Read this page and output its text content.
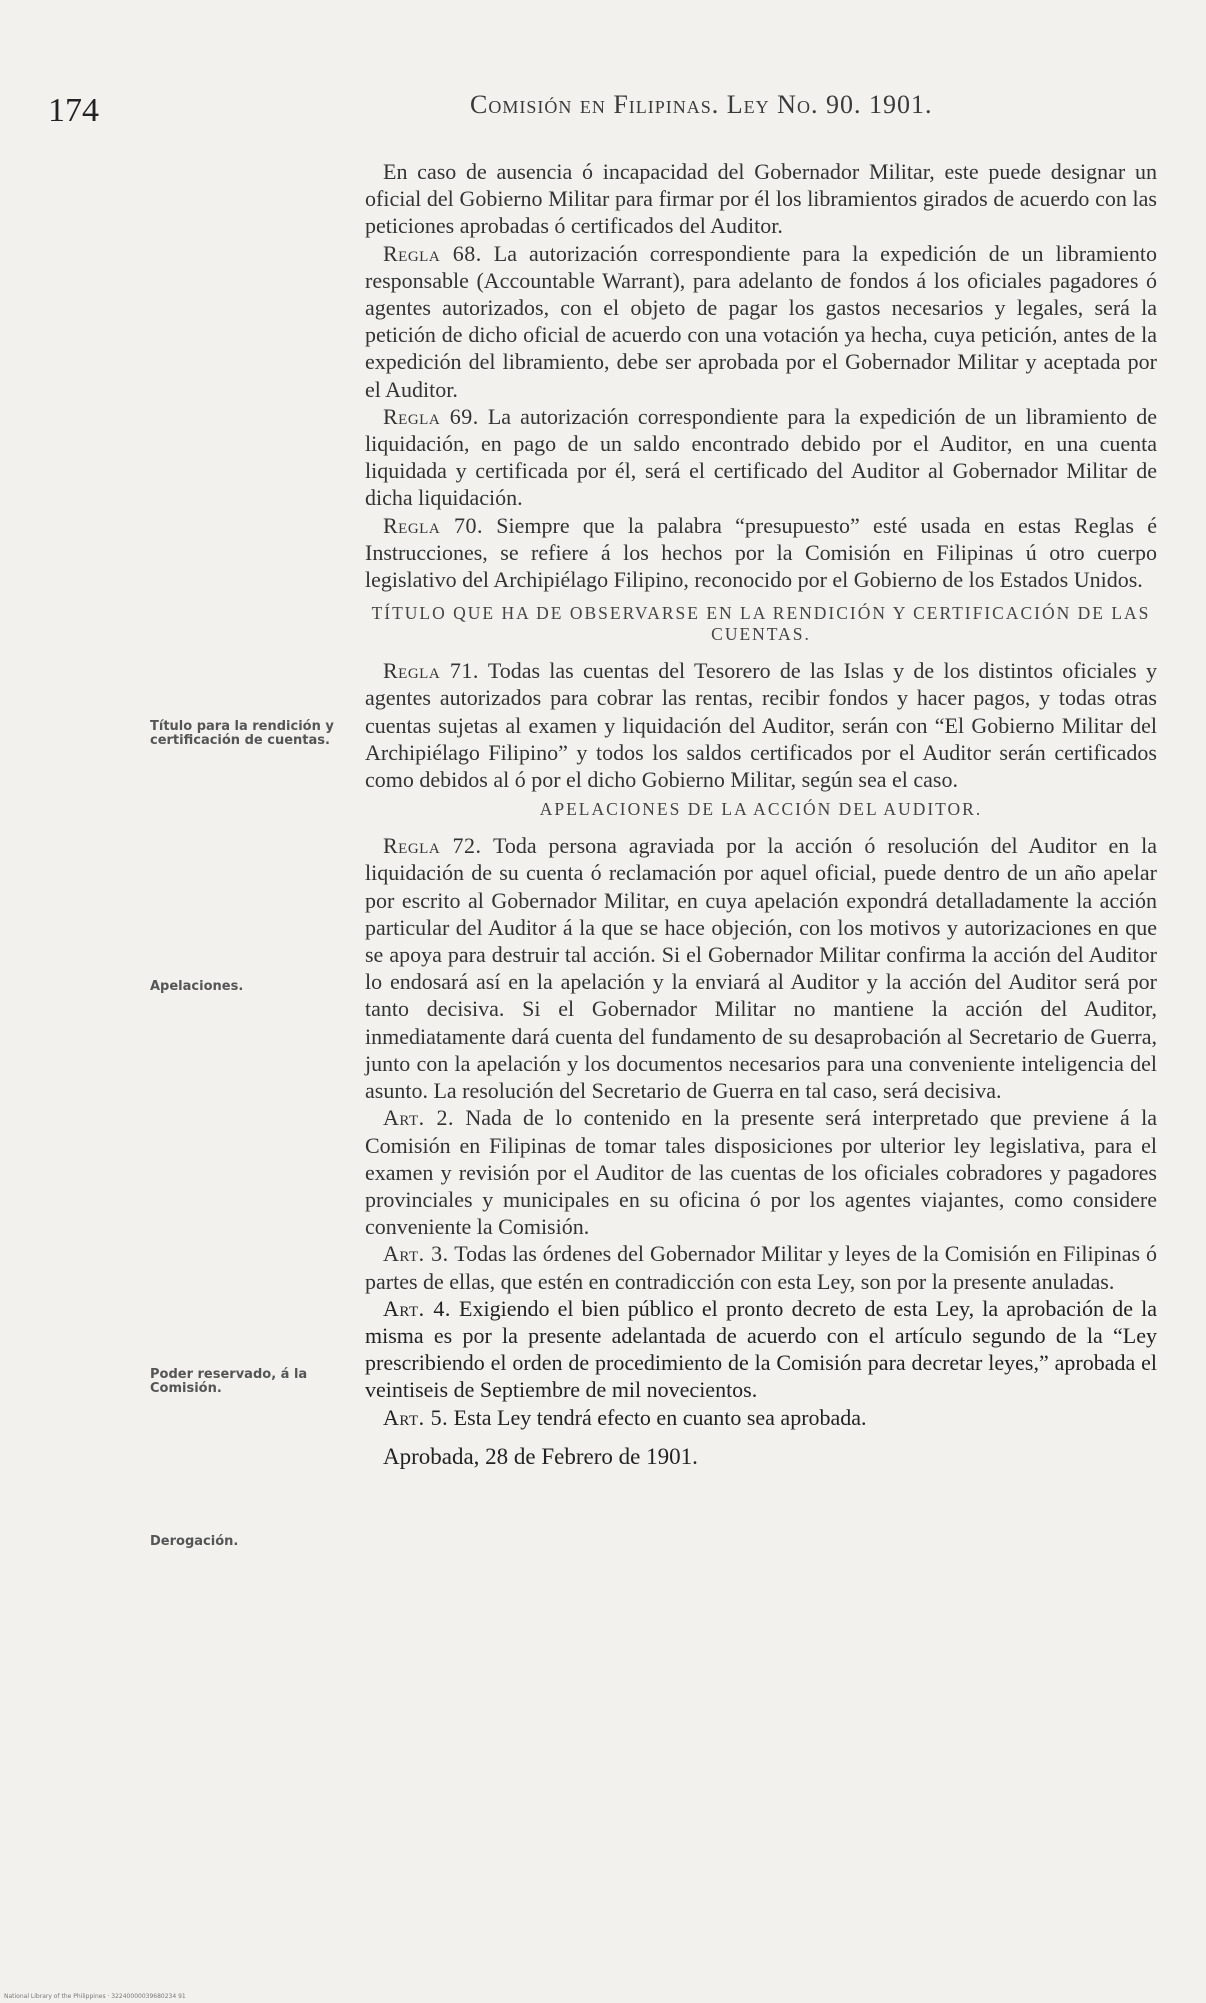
174	Comisión en Filipinas. Ley No. 90. 1901.
Título para la rendición y certificación de cuentas.
Apelaciones.
Poder reservado, á la Comisión.
Derogación.

En caso de ausencia ó incapacidad del Gobernador Militar, este puede designar un oficial del Gobierno Militar para firmar por él los libramientos girados de acuerdo con las peticiones aprobadas ó certificados del Auditor.

Regla 68. La autorización correspondiente para la expedición de un libramiento responsable (Accountable Warrant), para adelanto de fondos á los oficiales pagadores ó agentes autorizados, con el objeto de pagar los gastos necesarios y legales, será la petición de dicho oficial de acuerdo con una votación ya hecha, cuya petición, antes de la expedición del libramiento, debe ser aprobada por el Gobernador Militar y aceptada por el Auditor.

Regla 69. La autorización correspondiente para la expedición de un libramiento de liquidación, en pago de un saldo encontrado debido por el Auditor, en una cuenta liquidada y certificada por él, será el certificado del Auditor al Gobernador Militar de dicha liquidación.

Regla 70. Siempre que la palabra “presupuesto” esté usada en estas Reglas é Instrucciones, se refiere á los hechos por la Comisión en Filipinas ú otro cuerpo legislativo del Archipiélago Filipino, reconocido por el Gobierno de los Estados Unidos.

TÍTULO QUE HA DE OBSERVARSE EN LA RENDICIÓN Y CERTIFICACIÓN DE LAS CUENTAS.

Regla 71. Todas las cuentas del Tesorero de las Islas y de los distintos oficiales y agentes autorizados para cobrar las rentas, recibir fondos y hacer pagos, y todas otras cuentas sujetas al examen y liquidación del Auditor, serán con “El Gobierno Militar del Archipiélago Filipino” y todos los saldos certificados por el Auditor serán certificados como debidos al ó por el dicho Gobierno Militar, según sea el caso.

APELACIONES DE LA ACCIÓN DEL AUDITOR.

Regla 72. Toda persona agraviada por la acción ó resolución del Auditor en la liquidación de su cuenta ó reclamación por aquel oficial, puede dentro de un año apelar por escrito al Gobernador Militar, en cuya apelación expondrá detalladamente la acción particular del Auditor á la que se hace objeción, con los motivos y autorizaciones en que se apoya para destruir tal acción. Si el Gobernador Militar confirma la acción del Auditor lo endosará así en la apelación y la enviará al Auditor y la acción del Auditor será por tanto decisiva. Si el Gobernador Militar no mantiene la acción del Auditor, inmediatamente dará cuenta del fundamento de su desaprobación al Secretario de Guerra, junto con la apelación y los documentos necesarios para una conveniente inteligencia del asunto. La resolución del Secretario de Guerra en tal caso, será decisiva.

Art. 2. Nada de lo contenido en la presente será interpretado que previene á la Comisión en Filipinas de tomar tales disposiciones por ulterior ley legislativa, para el examen y revisión por el Auditor de las cuentas de los oficiales cobradores y pagadores provinciales y municipales en su oficina ó por los agentes viajantes, como considere conveniente la Comisión.

Art. 3. Todas las órdenes del Gobernador Militar y leyes de la Comisión en Filipinas ó partes de ellas, que estén en contradicción con esta Ley, son por la presente anuladas.

Art. 4. Exigiendo el bien público el pronto decreto de esta Ley, la aprobación de la misma es por la presente adelantada de acuerdo con el artículo segundo de la “Ley prescribiendo el orden de procedimiento de la Comisión para decretar leyes,” aprobada el veintiseis de Septiembre de mil novecientos.

Art. 5. Esta Ley tendrá efecto en cuanto sea aprobada.

Aprobada, 28 de Febrero de 1901.

National Library of the Philippines · 32240000039680234 91
